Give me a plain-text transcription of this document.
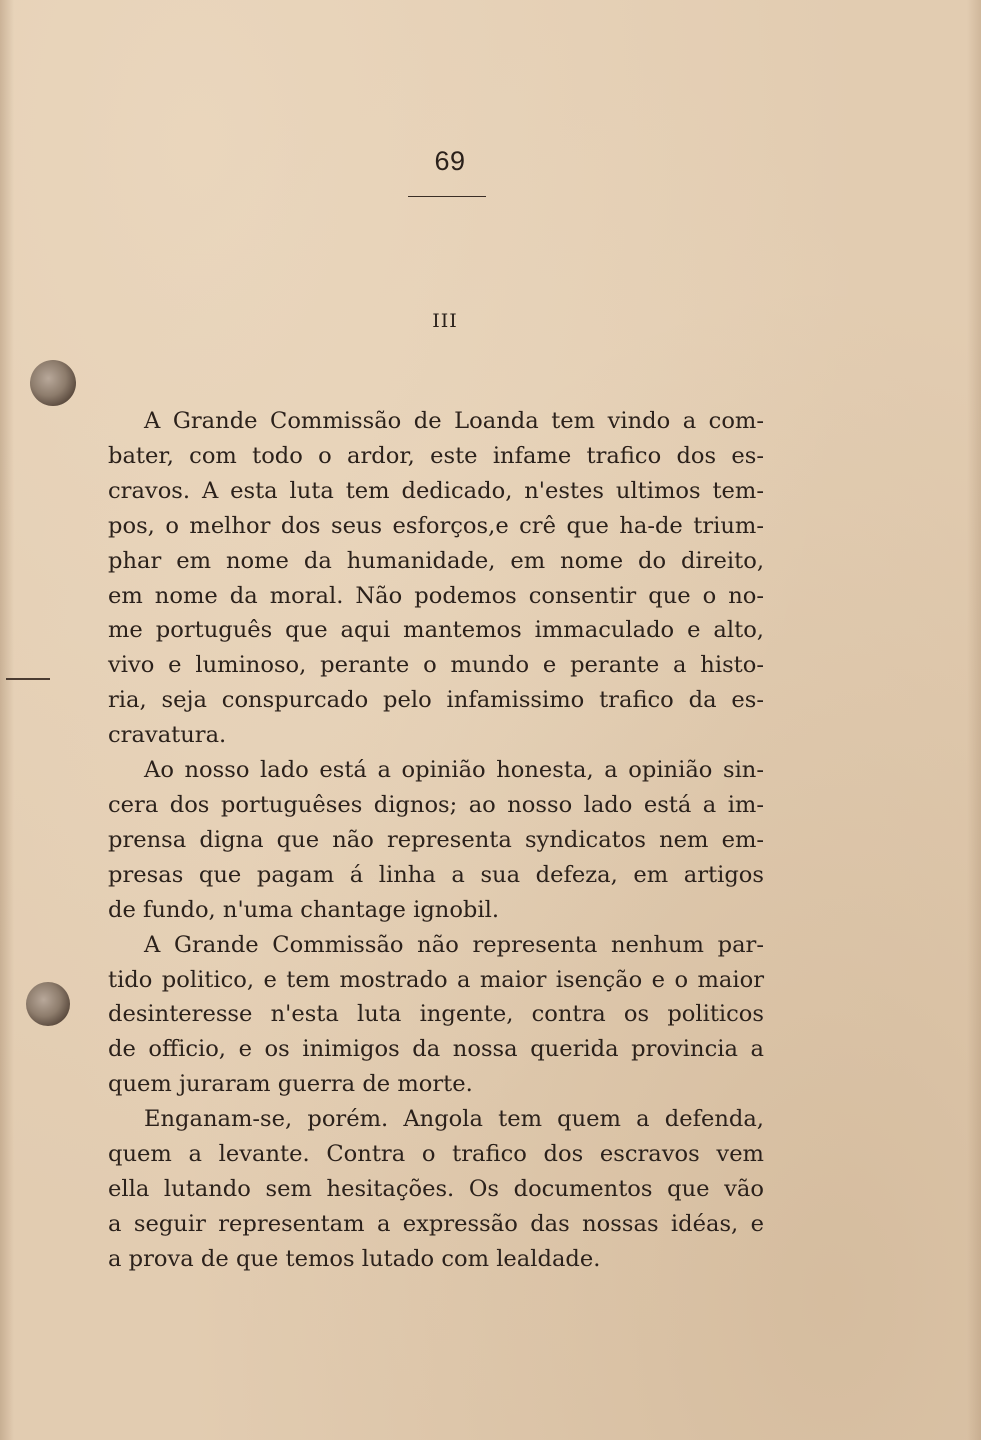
69
III
A Grande Commissão de Loanda tem vindo a com-
bater, com todo o ardor, este infame trafico dos es-
cravos. A esta luta tem dedicado, n'estes ultimos tem-
pos, o melhor dos seus esforços,e crê que ha-de trium-
phar em nome da humanidade, em nome do direito,
em nome da moral. Não podemos consentir que o no-
me português que aqui mantemos immaculado e alto,
vivo e luminoso, perante o mundo e perante a histo-
ria, seja conspurcado pelo infamissimo trafico da es-
cravatura.
Ao nosso lado está a opinião honesta, a opinião sin-
cera dos portuguêses dignos; ao nosso lado está a im-
prensa digna que não representa syndicatos nem em-
presas que pagam á linha a sua defeza, em artigos
de fundo, n'uma chantage ignobil.
A Grande Commissão não representa nenhum par-
tido politico, e tem mostrado a maior isenção e o maior
desinteresse n'esta luta ingente, contra os politicos
de officio, e os inimigos da nossa querida provincia a
quem juraram guerra de morte.
Enganam-se, porém. Angola tem quem a defenda,
quem a levante. Contra o trafico dos escravos vem
ella lutando sem hesitações. Os documentos que vão
a seguir representam a expressão das nossas idéas, e
a prova de que temos lutado com lealdade.
